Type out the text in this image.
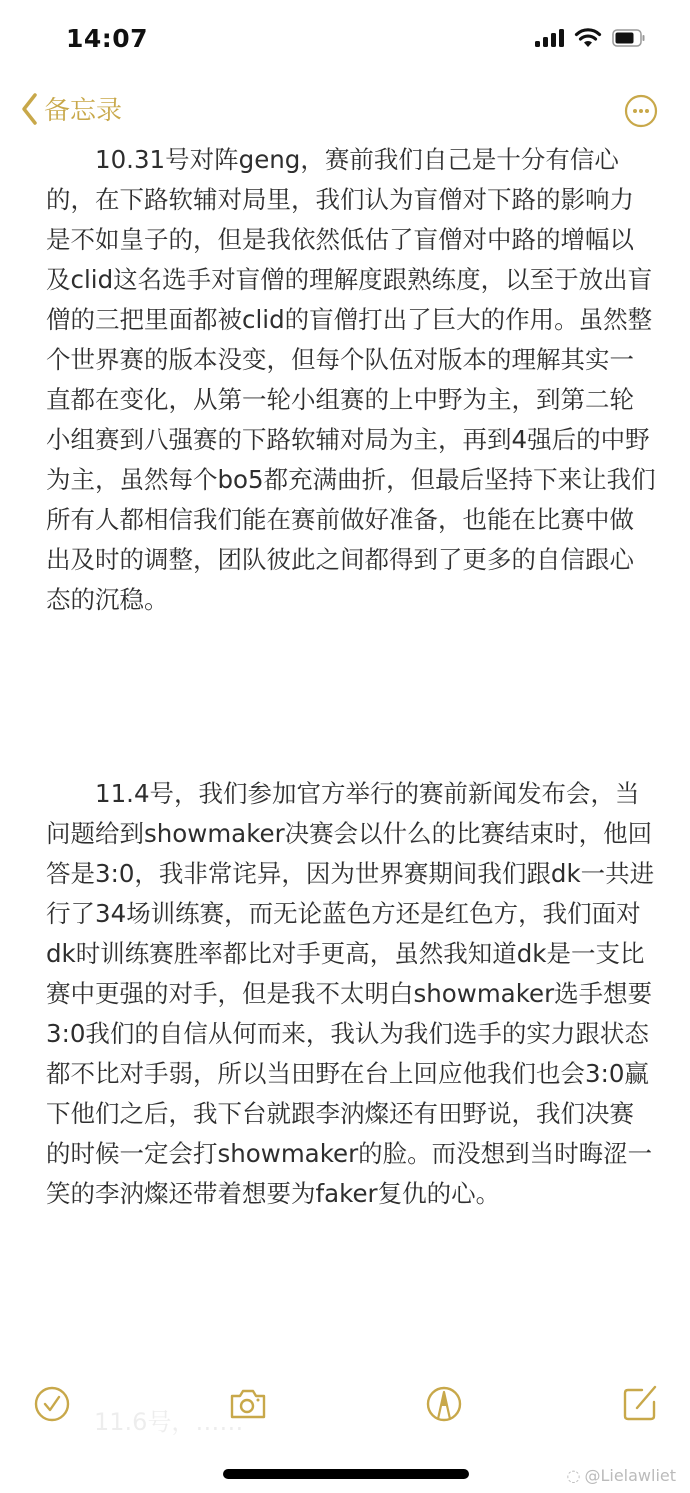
14:07
备忘录

10.31号对阵geng，赛前我们自己是十分有信心的，在下路软辅对局里，我们认为盲僧对下路的影响力是不如皇子的，但是我依然低估了盲僧对中路的增幅以及clid这名选手对盲僧的理解度跟熟练度，以至于放出盲僧的三把里面都被clid的盲僧打出了巨大的作用。虽然整个世界赛的版本没变，但每个队伍对版本的理解其实一直都在变化，从第一轮小组赛的上中野为主，到第二轮小组赛到八强赛的下路软辅对局为主，再到4强后的中野为主，虽然每个bo5都充满曲折，但最后坚持下来让我们所有人都相信我们能在赛前做好准备，也能在比赛中做出及时的调整，团队彼此之间都得到了更多的自信跟心态的沉稳。

11.4号，我们参加官方举行的赛前新闻发布会，当问题给到showmaker决赛会以什么的比赛结束时，他回答是3:0，我非常诧异，因为世界赛期间我们跟dk一共进行了34场训练赛，而无论蓝色方还是红色方，我们面对dk时训练赛胜率都比对手更高，虽然我知道dk是一支比赛中更强的对手，但是我不太明白showmaker选手想要3:0我们的自信从何而来，我认为我们选手的实力跟状态都不比对手弱，所以当田野在台上回应他我们也会3:0赢下他们之后，我下台就跟李汭燦还有田野说，我们决赛的时候一定会打showmaker的脸。而没想到当时晦涩一笑的李汭燦还带着想要为faker复仇的心。

11.6号，……
◌ @Lielawliet
